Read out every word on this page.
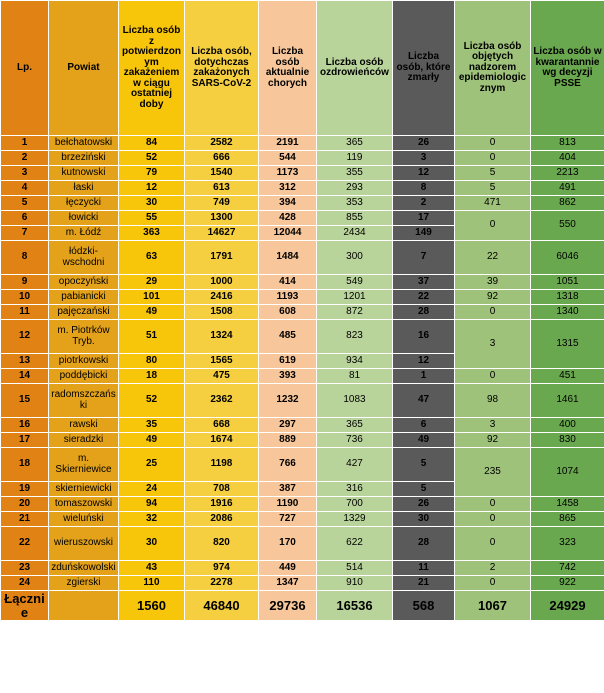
Lp.	Powiat	Liczba osób z potwierdzonym zakażeniem w ciągu ostatniej doby	Liczba osób, dotychczas zakażonych SARS-CoV-2	Liczba osób aktualnie chorych	Liczba osób ozdrowieńców	Liczba osób, które zmarły	Liczba osób objętych nadzorem epidemiologicznym	Liczba osób w kwarantannie wg decyzji PSSE
1	bełchatowski	84	2582	2191	365	26	0	813
2	brzeziński	52	666	544	119	3	0	404
3	kutnowski	79	1540	1173	355	12	5	2213
4	łaski	12	613	312	293	8	5	491
5	łęczycki	30	749	394	353	2	471	862
6	łowicki	55	1300	428	855	17	0	550
7	m. Łódź	363	14627	12044	2434	149		
8	łódzki-wschodni	63	1791	1484	300	7	22	6046
9	opoczyński	29	1000	414	549	37	39	1051
10	pabianicki	101	2416	1193	1201	22	92	1318
11	pajęczański	49	1508	608	872	28	0	1340
12	m. Piotrków Tryb.	51	1324	485	823	16	3	1315
13	piotrkowski	80	1565	619	934	12		
14	poddębicki	18	475	393	81	1	0	451
15	radomszczański	52	2362	1232	1083	47	98	1461
16	rawski	35	668	297	365	6	3	400
17	sieradzki	49	1674	889	736	49	92	830
18	m. Skierniewice	25	1198	766	427	5	235	1074
19	skierniewicki	24	708	387	316	5		
20	tomaszowski	94	1916	1190	700	26	0	1458
21	wieluński	32	2086	727	1329	30	0	865
22	wieruszowski	30	820	170	622	28	0	323
23	zduńskowolski	43	974	449	514	11	2	742
24	zgierski	110	2278	1347	910	21	0	922
Łącznie		1560	46840	29736	16536	568	1067	24929
